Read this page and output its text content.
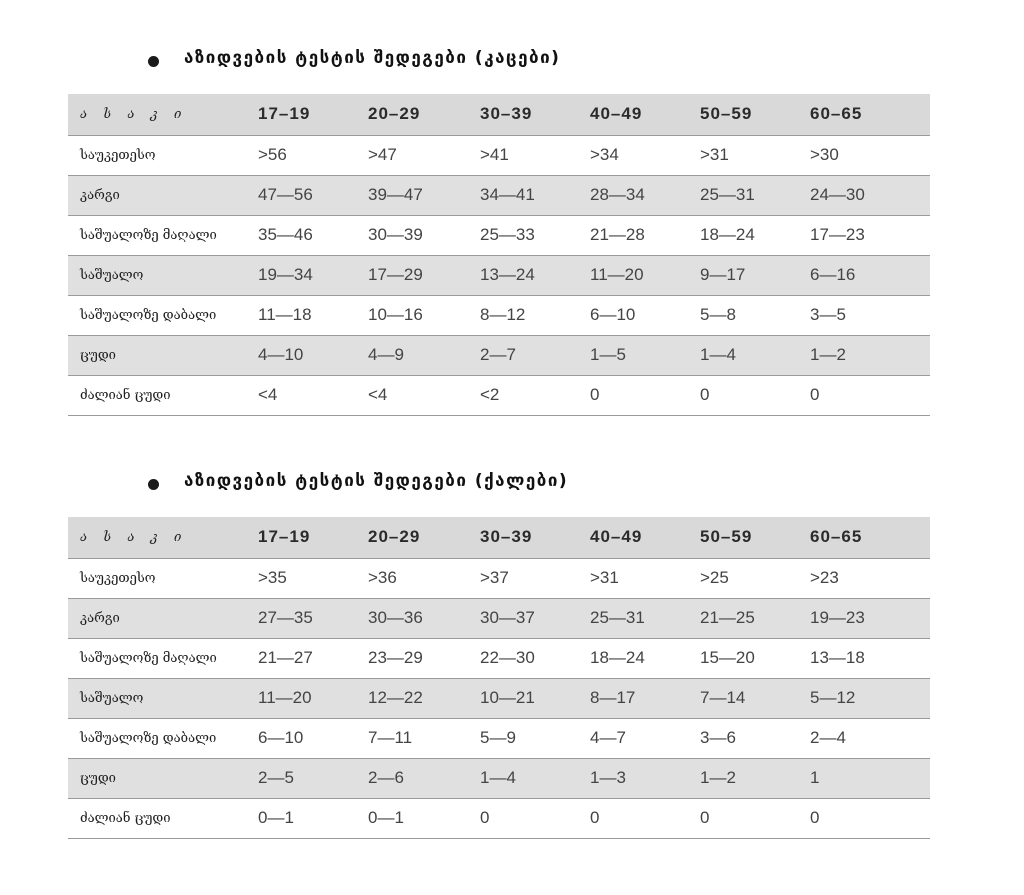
აზიდვების ტესტის შედეგები (კაცები)
ა ს ა კ ი	17–19	20–29	30–39	40–49	50–59	60–65
საუკეთესო	>56	>47	>41	>34	>31	>30
კარგი	47—56	39—47	34—41	28—34	25—31	24—30
საშუალოზე მაღალი	35—46	30—39	25—33	21—28	18—24	17—23
საშუალო	19—34	17—29	13—24	11—20	9—17	6—16
საშუალოზე დაბალი	11—18	10—16	8—12	6—10	5—8	3—5
ცუდი	4—10	4—9	2—7	1—5	1—4	1—2
ძალიან ცუდი	<4	<4	<2	0	0	0
აზიდვების ტესტის შედეგები (ქალები)
ა ს ა კ ი	17–19	20–29	30–39	40–49	50–59	60–65
საუკეთესო	>35	>36	>37	>31	>25	>23
კარგი	27—35	30—36	30—37	25—31	21—25	19—23
საშუალოზე მაღალი	21—27	23—29	22—30	18—24	15—20	13—18
საშუალო	11—20	12—22	10—21	8—17	7—14	5—12
საშუალოზე დაბალი	6—10	7—11	5—9	4—7	3—6	2—4
ცუდი	2—5	2—6	1—4	1—3	1—2	1
ძალიან ცუდი	0—1	0—1	0	0	0	0
